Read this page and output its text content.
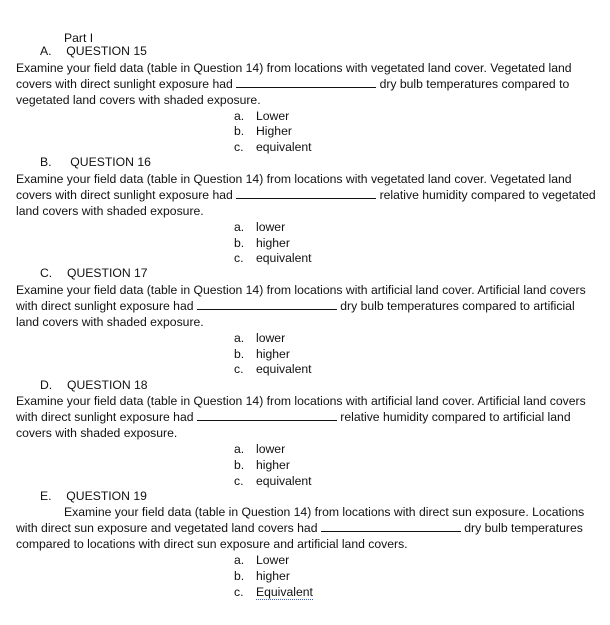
Part I
A. QUESTION 15
Examine your field data (table in Question 14) from locations with vegetated land cover. Vegetated land
covers with direct sunlight exposure had	dry bulb temperatures compared to
vegetated land covers with shaded exposure.
a. Lower
b. Higher
c. equivalent
B. QUESTION 16
Examine your field data (table in Question 14) from locations with vegetated land cover. Vegetated land
covers with direct sunlight exposure had	relative humidity compared to vegetated
land covers with shaded exposure.
a. lower
b. higher
c. equivalent
C. QUESTION 17
Examine your field data (table in Question 14) from locations with artificial land cover. Artificial land covers
with direct sunlight exposure had	dry bulb temperatures compared to artificial
land covers with shaded exposure.
a. lower
b. higher
c. equivalent
D. QUESTION 18
Examine your field data (table in Question 14) from locations with artificial land cover. Artificial land covers
with direct sunlight exposure had	relative humidity compared to artificial land
covers with shaded exposure.
a. lower
b. higher
c. equivalent
E. QUESTION 19
Examine your field data (table in Question 14) from locations with direct sun exposure. Locations
with direct sun exposure and vegetated land covers had	dry bulb temperatures
compared to locations with direct sun exposure and artificial land covers.
a. Lower
b. higher
c. Equivalent
